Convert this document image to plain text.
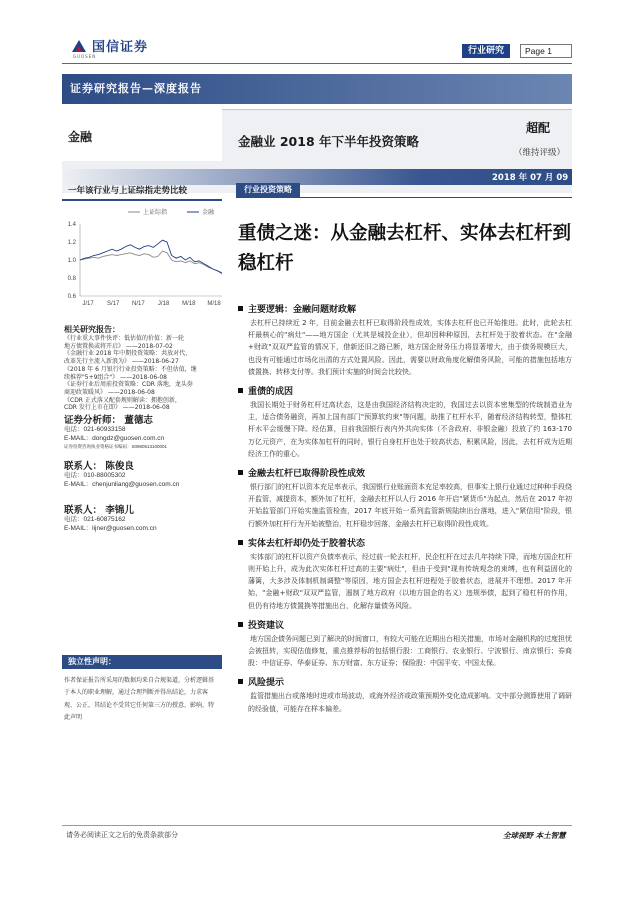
国信证券
GUOSEN
行业研究	Page 1
证券研究报告—深度报告
金融	金融业 2018 年下半年投资策略
超配
（维持评级）
2018 年 07 月 09 日
一年该行业与上证综指走势比较
上证综指	金融
1.4
1.2
1.0
0.8
0.6
J/17 S/17 N/17 J/18 M/18 M/18
相关研究报告：
《行业重大事件快评：低估值的价值：新一轮
地方债置换或将开启》 ——2018-07-02
《金融行业 2018 年中期投资策略：共放对代、
改革先行主流入新浪为》 ——2018-06-27
《2018 年 6 月银行行业投资策略：不但估值，继
续推荐"5+9组合"》 ——2018-06-08
《证券行业后周前投资策略：CDR 落地，龙头券
商迎政策暖风》 ——2018-06-08
《CDR 正式落又配套规则解读：拥抱创新，
CDR 发行上市在即》 ——2018-06-08
证券分析师： 董德志
电话：021-60933158
E-MAIL：dongdz@guosen.com.cn
证券投资咨询执业资格证书编码：S0980513100001
联系人： 陈俊良
电话：010-88005302
E-MAIL：chenjunliang@guosen.com.cn
联系人： 李锦儿
电话：021-60875162
E-MAIL：lijner@guosen.com.cn
独立性声明：
作者保证报告所采用的数据均来自合规渠道，分析逻辑基于本人的职业理解，通过合理判断并得出结论，力求客观、公正，其结论不受其它任何第三方的授意、影响，特此声明
行业投资策略
重债之迷：从金融去杠杆、实体去杠杆到稳杠杆
主要逻辑：金融问题财政解
去杠杆已持续近 2 年，目前金融去杠杆已取得阶段性成效，实体去杠杆也已开始推进。此时，此轮去杠杆最核心的"病灶"——地方国企（尤其是城投企业），但却因种种原因，去杠杆处于胶着状态。在"金融+财政"双双严监管的情况下，借新还旧之路已断，地方国企财务压力将显著增大，由于债务规模巨大，也没有可能通过市场化出清的方式处置风险。因此，需要以财政角度化解债务风险，可能的措施包括地方债置换、转移支付等。我们预计实施的时间会比较快。
重债的成因
我国长期处于财务杠杆过高状态，这是由我国经济结构决定的，我国过去以资本密集型的传统制造业为主，适合债务融资，再加上国有部门"预算软约束"等问题，助推了杠杆水平，随着经济结构转型，整体杠杆水平会缓慢下降。经估算，目前我国银行表内外共向实体（不含政府、非银金融）投放了约 163-170 万亿元资产，在为实体加杠杆的同时，银行自身杠杆也处于较高状态，积累风险，因此，去杠杆成为近期经济工作的重心。
金融去杠杆已取得阶段性成效
银行部门的杠杆以资本充足率表示，我国银行业账面资本充足率较高，但事实上银行业通过过种种手段绕开监管，减提资本，额外加了杠杆，金融去杠杆以人行 2016 年开启"紧货币"为起点，然后在 2017 年初开始监管部门开始实施监管检查，2017 年底开始一系列监管新规陆续出台落地，进入"紧信用"阶段，银行额外加杠杆行为开始被整治，杠杆稳步回落，金融去杠杆已取得阶段性成效。
实体去杠杆却仍处于胶着状态
实体部门的杠杆以资产负债率表示，经过前一轮去杠杆，民企杠杆在过去几年持续下降，而地方国企杠杆则开始上升，成为此次实体杠杆过高的主要"病灶"，但由于受到"现有传统观念的束缚，也有利益固化的藩篱，大多涉及体制机制调整"等原因，地方国企去杠杆进程处于胶着状态，进展并不理想。2017 年开始，"金融+财政"双双严监管，遏制了地方政府（以地方国企的名义）违规举债，起到了稳杠杆的作用，但仍有待地方债置换等措施出台，化解存量债务风险。
投资建议
地方国企债务问题已到了解决的时间窗口，有较大可能在近期出台相关措施，市场对金融机构的过度担忧会被扭转，实现估值修复，重点推荐标的包括银行股：工商银行、农业银行、宁波银行、南京银行；券商股：中信证券、华泰证券、东方财富、东方证券；保险股：中国平安、中国太保。
风险提示
监管措施出台或落地时进或市场波动，或海外经济或政策预期外变化造成影响。文中部分测算使用了调研的经验值，可能存在样本偏差。
请务必阅读正文之后的免责条款部分	全球视野 本土智慧
